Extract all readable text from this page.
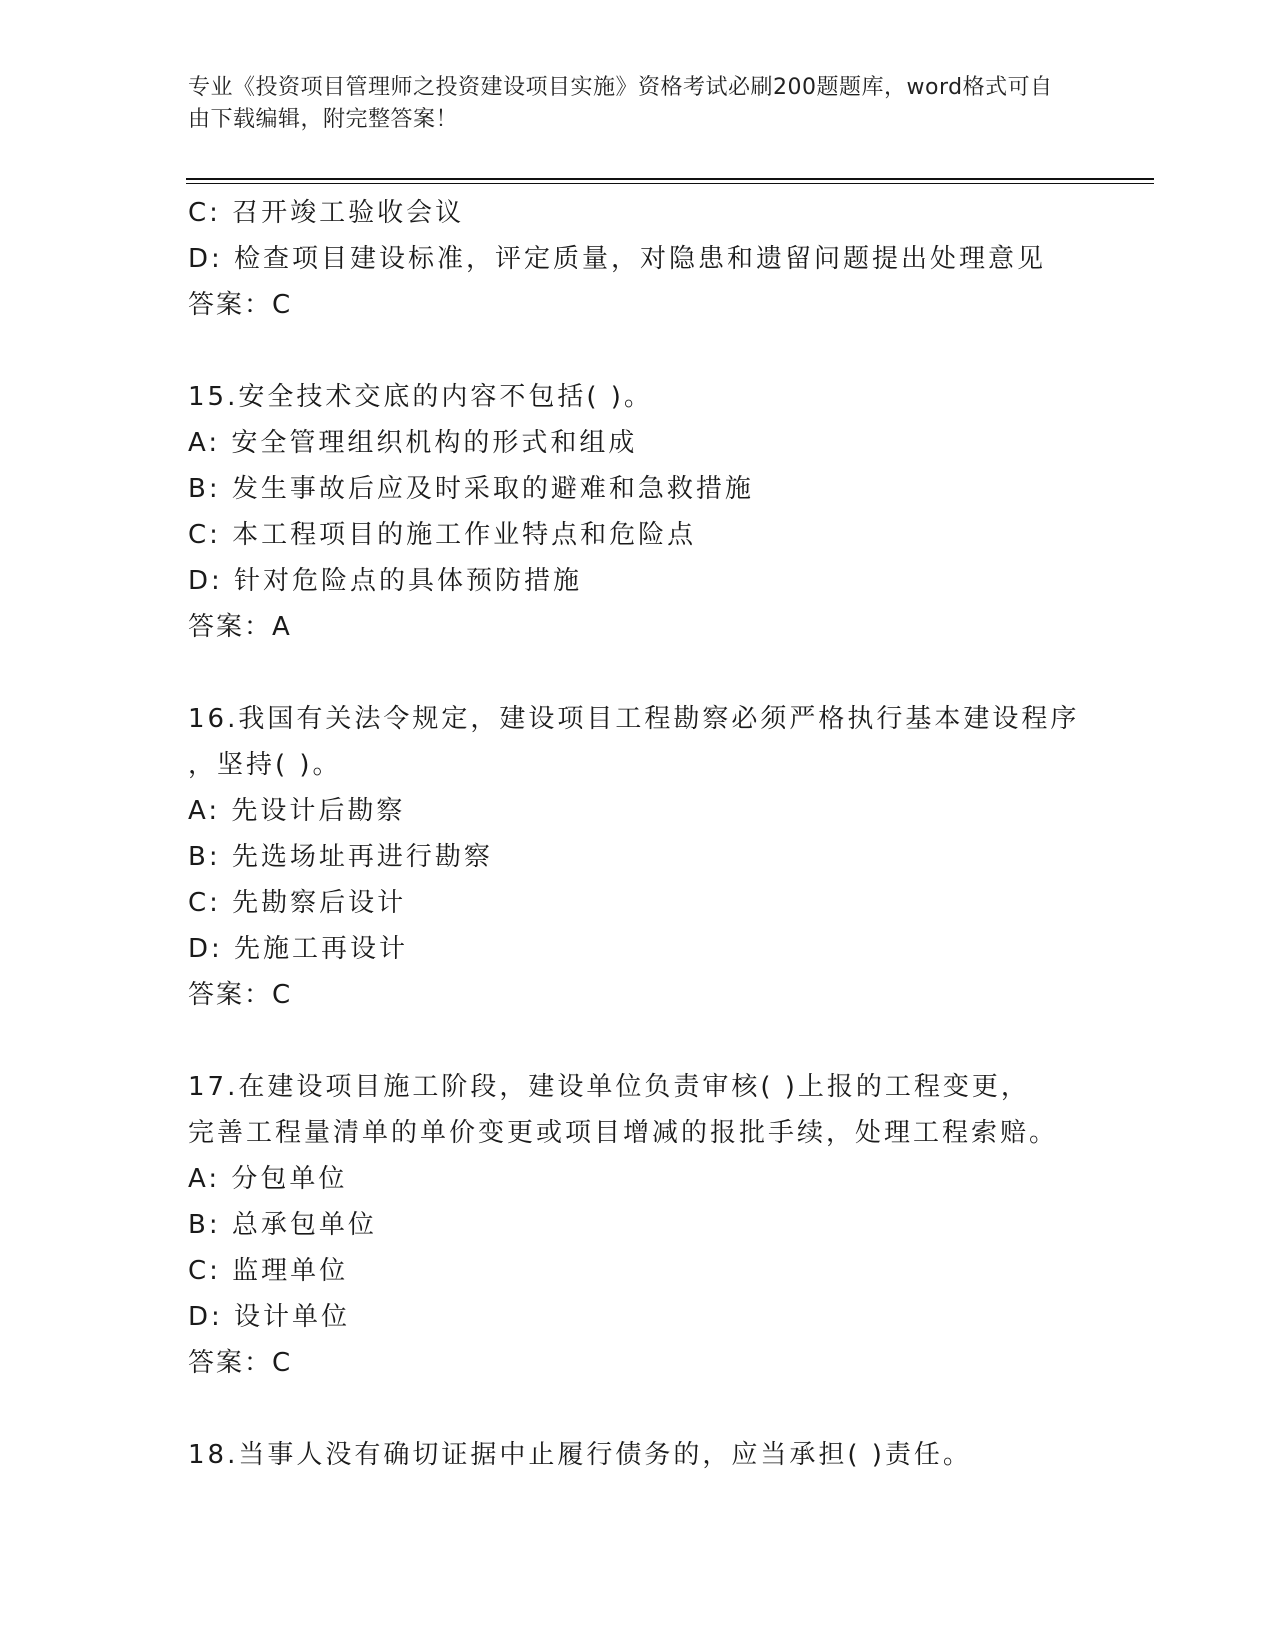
专业《投资项目管理师之投资建设项目实施》资格考试必刷200题题库，word格式可自由下载编辑，附完整答案！
C: 召开竣工验收会议
D: 检查项目建设标准，评定质量，对隐患和遗留问题提出处理意见
答案：C
15.安全技术交底的内容不包括( )。
A: 安全管理组织机构的形式和组成
B: 发生事故后应及时采取的避难和急救措施
C: 本工程项目的施工作业特点和危险点
D: 针对危险点的具体预防措施
答案：A
16.我国有关法令规定，建设项目工程勘察必须严格执行基本建设程序
，坚持( )。
A: 先设计后勘察
B: 先选场址再进行勘察
C: 先勘察后设计
D: 先施工再设计
答案：C
17.在建设项目施工阶段，建设单位负责审核( )上报的工程变更，
完善工程量清单的单价变更或项目增减的报批手续，处理工程索赔。
A: 分包单位
B: 总承包单位
C: 监理单位
D: 设计单位
答案：C
18.当事人没有确切证据中止履行债务的，应当承担( )责任。
